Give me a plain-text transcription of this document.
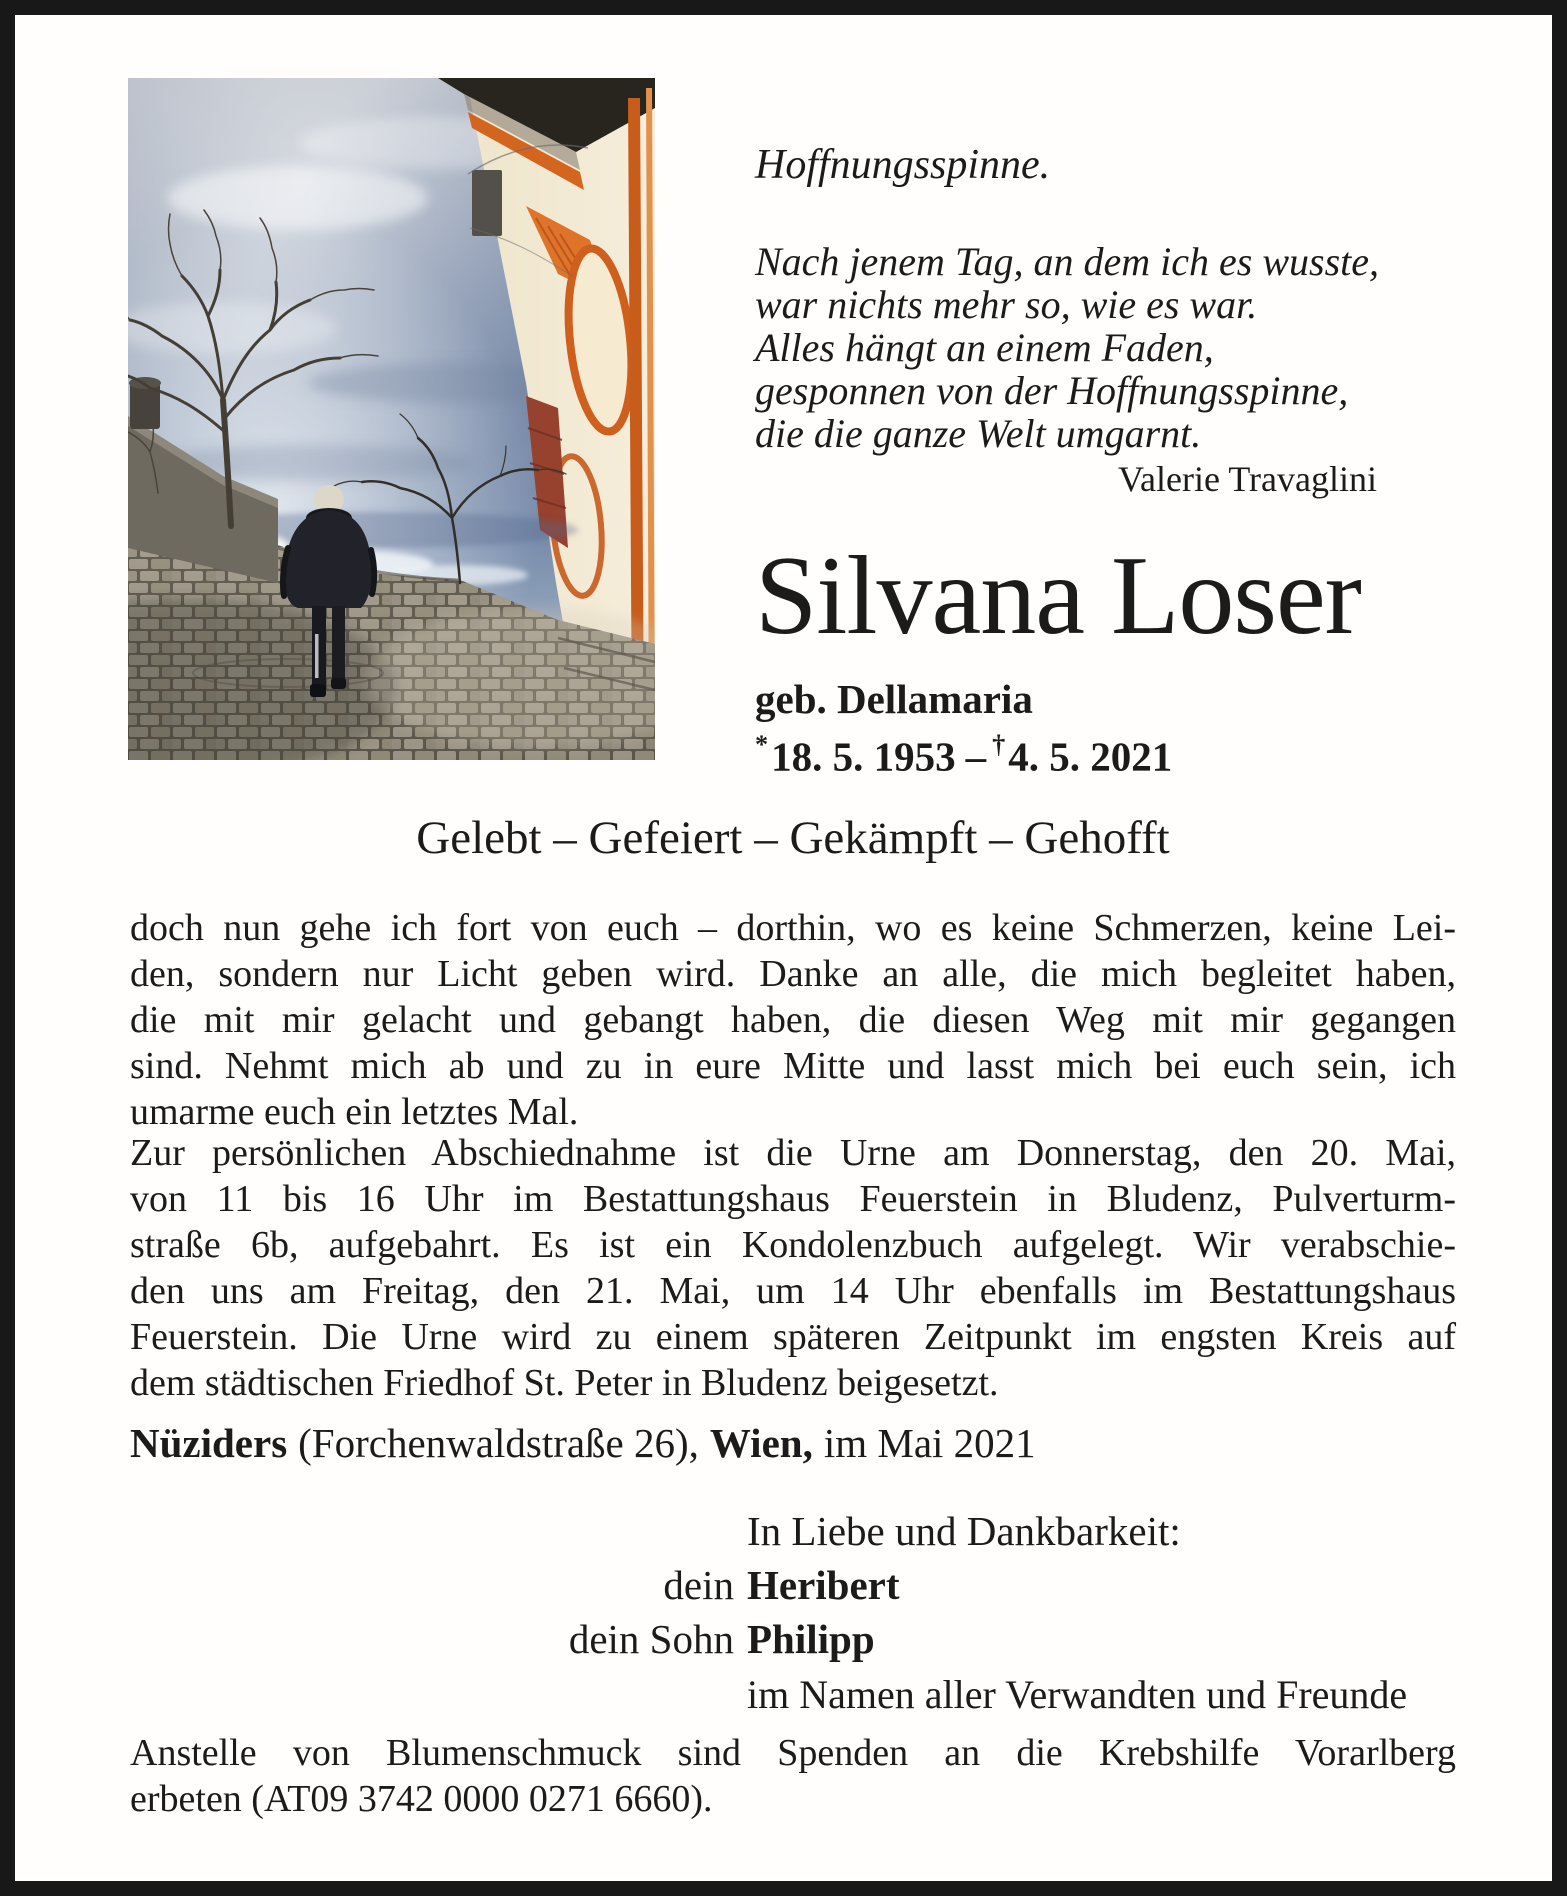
Hoffnungsspinne.
Nach jenem Tag, an dem ich es wusste,
war nichts mehr so, wie es war.
Alles hängt an einem Faden,
gesponnen von der Hoffnungsspinne,
die die ganze Welt umgarnt.
Valerie Travaglini
Silvana Loser
geb. Dellamaria
*18. 5. 1953 – †4. 5. 2021
Gelebt – Gefeiert – Gekämpft – Gehofft
doch nun gehe ich fort von euch – dorthin, wo es keine Schmerzen, keine Lei-
den, sondern nur Licht geben wird. Danke an alle, die mich begleitet haben,
die mit mir gelacht und gebangt haben, die diesen Weg mit mir gegangen
sind. Nehmt mich ab und zu in eure Mitte und lasst mich bei euch sein, ich
umarme euch ein letztes Mal.
Zur persönlichen Abschiednahme ist die Urne am Donnerstag, den 20. Mai,
von 11 bis 16 Uhr im Bestattungshaus Feuerstein in Bludenz, Pulverturm-
straße 6b, aufgebahrt. Es ist ein Kondolenzbuch aufgelegt. Wir verabschie-
den uns am Freitag, den 21. Mai, um 14 Uhr ebenfalls im Bestattungshaus
Feuerstein. Die Urne wird zu einem späteren Zeitpunkt im engsten Kreis auf
dem städtischen Friedhof St. Peter in Bludenz beigesetzt.
Nüziders (Forchenwaldstraße 26), Wien, im Mai 2021
In Liebe und Dankbarkeit:
dein Heribert
dein Sohn Philipp
im Namen aller Verwandten und Freunde
Anstelle von Blumenschmuck sind Spenden an die Krebshilfe Vorarlberg
erbeten (AT09 3742 0000 0271 6660).
